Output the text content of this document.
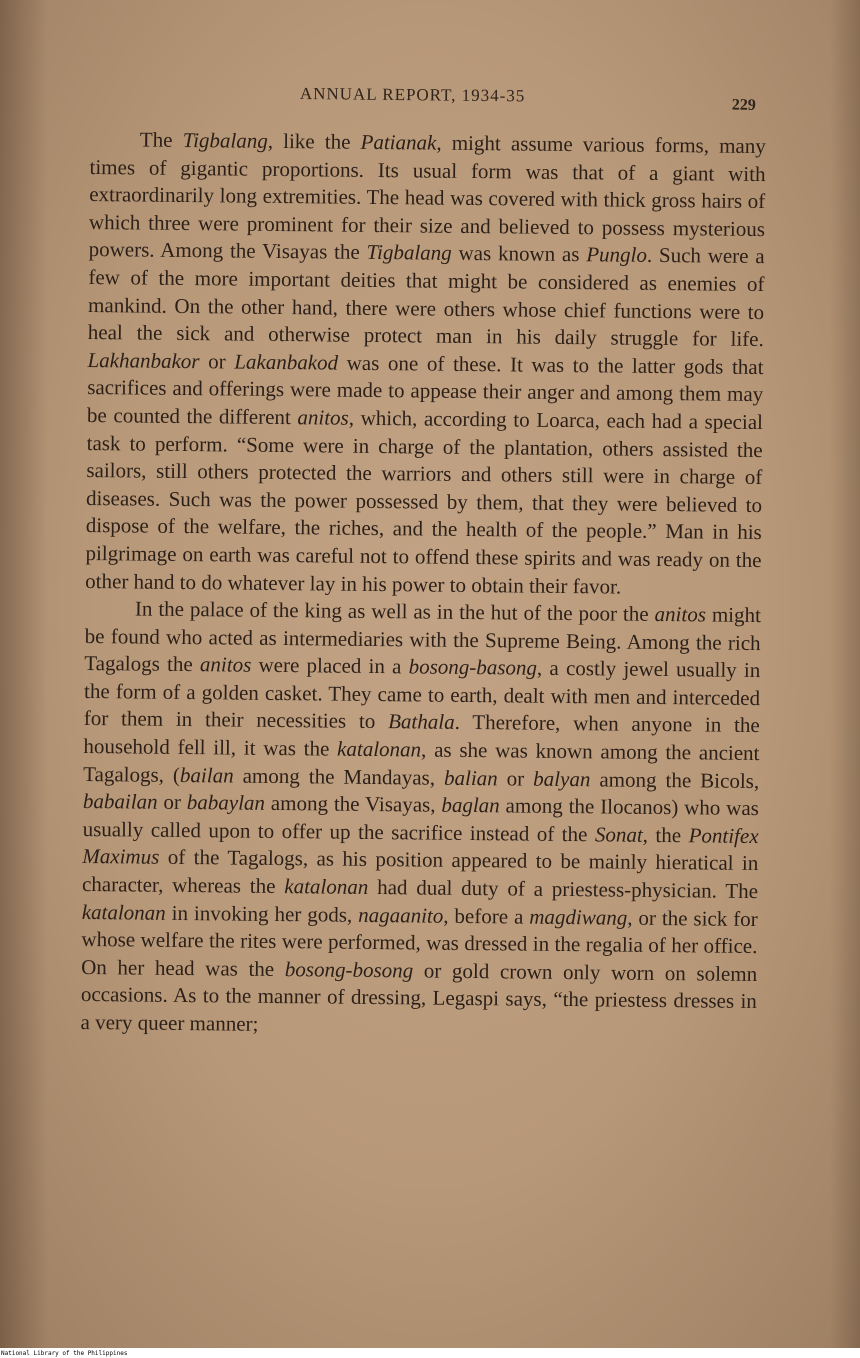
ANNUAL REPORT, 1934-35	229

The Tigbalang, like the Patianak, might assume various forms, many times of gigantic proportions. Its usual form was that of a giant with extraordinarily long extremities. The head was covered with thick gross hairs of which three were prominent for their size and believed to possess mysterious powers. Among the Visayas the Tigbalang was known as Punglo. Such were a few of the more important deities that might be considered as enemies of mankind. On the other hand, there were others whose chief functions were to heal the sick and otherwise protect man in his daily struggle for life. Lakhanbakor or Lakanbakod was one of these. It was to the latter gods that sacrifices and offerings were made to appease their anger and among them may be counted the different anitos, which, according to Loarca, each had a special task to perform. “Some were in charge of the plantation, others assisted the sailors, still others protected the warriors and others still were in charge of diseases. Such was the power possessed by them, that they were believed to dispose of the welfare, the riches, and the health of the people.” Man in his pilgrimage on earth was careful not to offend these spirits and was ready on the other hand to do whatever lay in his power to obtain their favor.

In the palace of the king as well as in the hut of the poor the anitos might be found who acted as intermediaries with the Supreme Being. Among the rich Tagalogs the anitos were placed in a bosong-basong, a costly jewel usually in the form of a golden casket. They came to earth, dealt with men and interceded for them in their necessities to Bathala. Therefore, when anyone in the household fell ill, it was the katalonan, as she was known among the ancient Tagalogs, (bailan among the Mandayas, balian or balyan among the Bicols, babailan or babaylan among the Visayas, baglan among the Ilocanos) who was usually called upon to offer up the sacrifice instead of the Sonat, the Pontifex Maximus of the Tagalogs, as his position appeared to be mainly hieratical in character, whereas the katalonan had dual duty of a priestess-physician. The katalonan in invoking her gods, nagaanito, before a magdiwang, or the sick for whose welfare the rites were performed, was dressed in the regalia of her office. On her head was the bosong-bosong or gold crown only worn on solemn occasions. As to the manner of dressing, Legaspi says, “the priestess dresses in a very queer manner;

National Library of the Philippines
